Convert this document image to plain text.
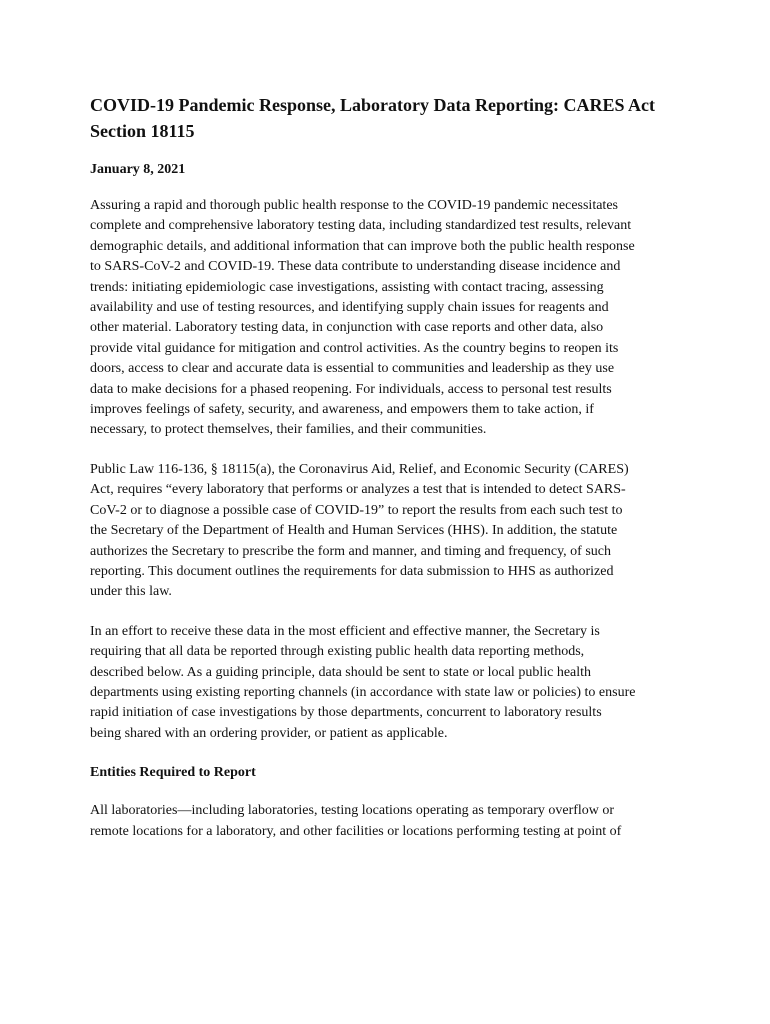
COVID-19 Pandemic Response, Laboratory Data Reporting: CARES Act
Section 18115
January 8, 2021

Assuring a rapid and thorough public health response to the COVID-19 pandemic necessitates
complete and comprehensive laboratory testing data, including standardized test results, relevant
demographic details, and additional information that can improve both the public health response
to SARS-CoV-2 and COVID-19. These data contribute to understanding disease incidence and
trends: initiating epidemiologic case investigations, assisting with contact tracing, assessing
availability and use of testing resources, and identifying supply chain issues for reagents and
other material. Laboratory testing data, in conjunction with case reports and other data, also
provide vital guidance for mitigation and control activities. As the country begins to reopen its
doors, access to clear and accurate data is essential to communities and leadership as they use
data to make decisions for a phased reopening. For individuals, access to personal test results
improves feelings of safety, security, and awareness, and empowers them to take action, if
necessary, to protect themselves, their families, and their communities.

Public Law 116-136, § 18115(a), the Coronavirus Aid, Relief, and Economic Security (CARES)
Act, requires “every laboratory that performs or analyzes a test that is intended to detect SARS-
CoV-2 or to diagnose a possible case of COVID-19” to report the results from each such test to
the Secretary of the Department of Health and Human Services (HHS). In addition, the statute
authorizes the Secretary to prescribe the form and manner, and timing and frequency, of such
reporting. This document outlines the requirements for data submission to HHS as authorized
under this law.

In an effort to receive these data in the most efficient and effective manner, the Secretary is
requiring that all data be reported through existing public health data reporting methods,
described below. As a guiding principle, data should be sent to state or local public health
departments using existing reporting channels (in accordance with state law or policies) to ensure
rapid initiation of case investigations by those departments, concurrent to laboratory results
being shared with an ordering provider, or patient as applicable.

Entities Required to Report

All laboratories—including laboratories, testing locations operating as temporary overflow or
remote locations for a laboratory, and other facilities or locations performing testing at point of
